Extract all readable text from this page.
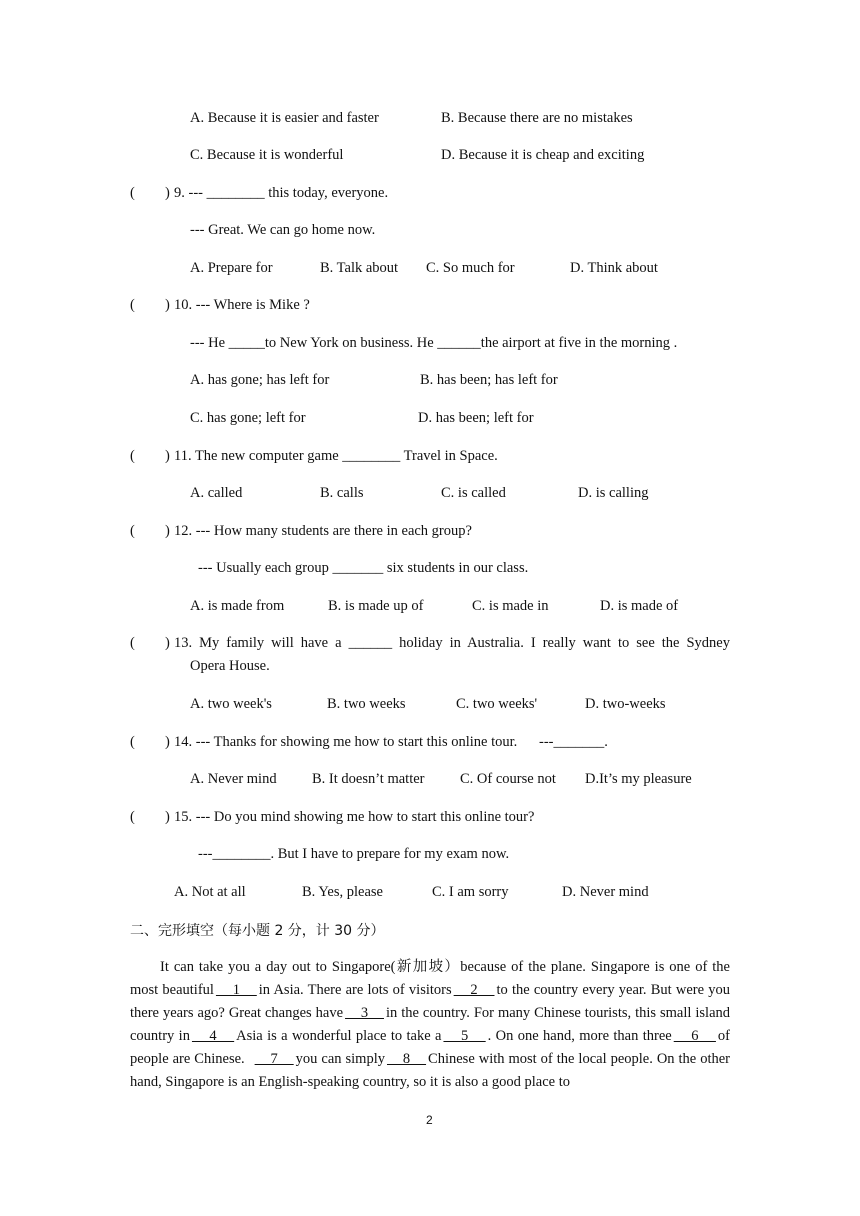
A. Because it is easier and faster	B. Because there are no mistakes
C. Because it is wonderful	D. Because it is cheap and exciting
( ) 9. --- ________ this today, everyone.
--- Great. We can go home now.
A. Prepare for	B. Talk about C. So much for	D. Think about
( ) 10. --- Where is Mike ?
--- He _____to New York on business. He ______the airport at five in the morning .
A. has gone; has left for	B. has been; has left for
C. has gone; left for	D. has been; left for
( ) 11. The new computer game ________ Travel in Space.
A. called	B. calls	C. is called	D. is calling
( ) 12. --- How many students are there in each group?
--- Usually each group _______ six students in our class.
A. is made from	B. is made up of	C. is made in	D. is made of
( ) 13. My family will have a ______ holiday in Australia. I really want to see the Sydney
Opera House.
A. two week's	B. two weeks	C. two weeks'	D. two-weeks
( ) 14. --- Thanks for showing me how to start this online tour.      ---_______.
A. Never mind B. It doesn’t matter C. Of course not D.It’s my pleasure
( ) 15. --- Do you mind showing me how to start this online tour?
---________. But I have to prepare for my exam now.
A. Not at all	B. Yes, please	C. I am sorry	D. Never mind
二、完形填空（每小题 2 分，计 30 分）

It can take you a day out to Singapore(新加坡）because of the plane. Singapore is one of the most beautiful    1    in Asia. There are lots of visitors    2    to the country every year. But were you there years ago? Great changes have    3    in the country. For many Chinese tourists, this small island country in    4    Asia is a wonderful place to take a    5    . On one hand, more than three    6    of people are Chinese.      7    you can simply    8    Chinese with most of the local people. On the other hand, Singapore is an English-speaking country, so it is also a good place to

2
